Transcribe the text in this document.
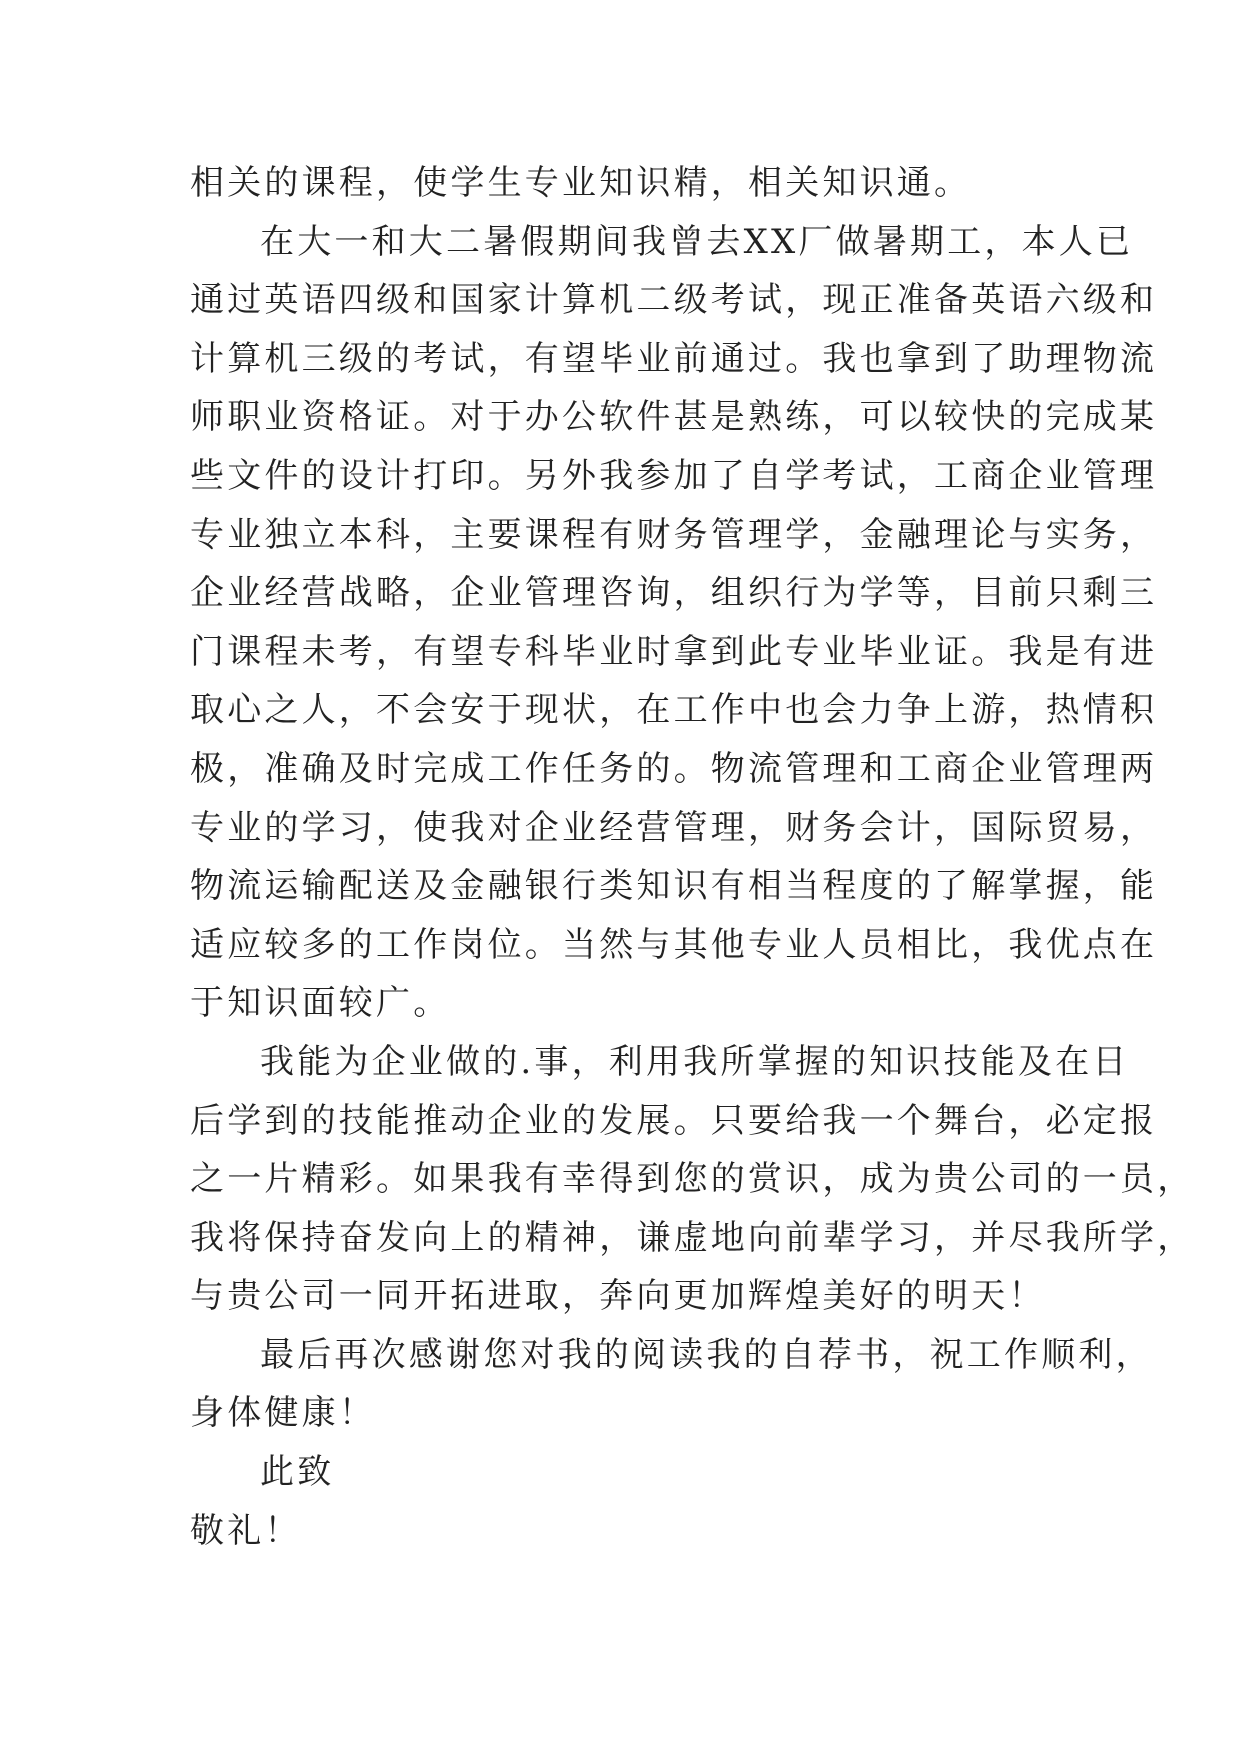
相关的课程，使学生专业知识精，相关知识通。
在大一和大二暑假期间我曾去XX厂做暑期工，本人已
通过英语四级和国家计算机二级考试，现正准备英语六级和
计算机三级的考试，有望毕业前通过。我也拿到了助理物流
师职业资格证。对于办公软件甚是熟练，可以较快的完成某
些文件的设计打印。另外我参加了自学考试，工商企业管理
专业独立本科，主要课程有财务管理学，金融理论与实务，
企业经营战略，企业管理咨询，组织行为学等，目前只剩三
门课程未考，有望专科毕业时拿到此专业毕业证。我是有进
取心之人，不会安于现状，在工作中也会力争上游，热情积
极，准确及时完成工作任务的。物流管理和工商企业管理两
专业的学习，使我对企业经营管理，财务会计，国际贸易，
物流运输配送及金融银行类知识有相当程度的了解掌握，能
适应较多的工作岗位。当然与其他专业人员相比，我优点在
于知识面较广。
我能为企业做的.事，利用我所掌握的知识技能及在日
后学到的技能推动企业的发展。只要给我一个舞台，必定报
之一片精彩。如果我有幸得到您的赏识，成为贵公司的一员，
我将保持奋发向上的精神，谦虚地向前辈学习，并尽我所学，
与贵公司一同开拓进取，奔向更加辉煌美好的明天！
最后再次感谢您对我的阅读我的自荐书，祝工作顺利，
身体健康！
此致
敬礼！
